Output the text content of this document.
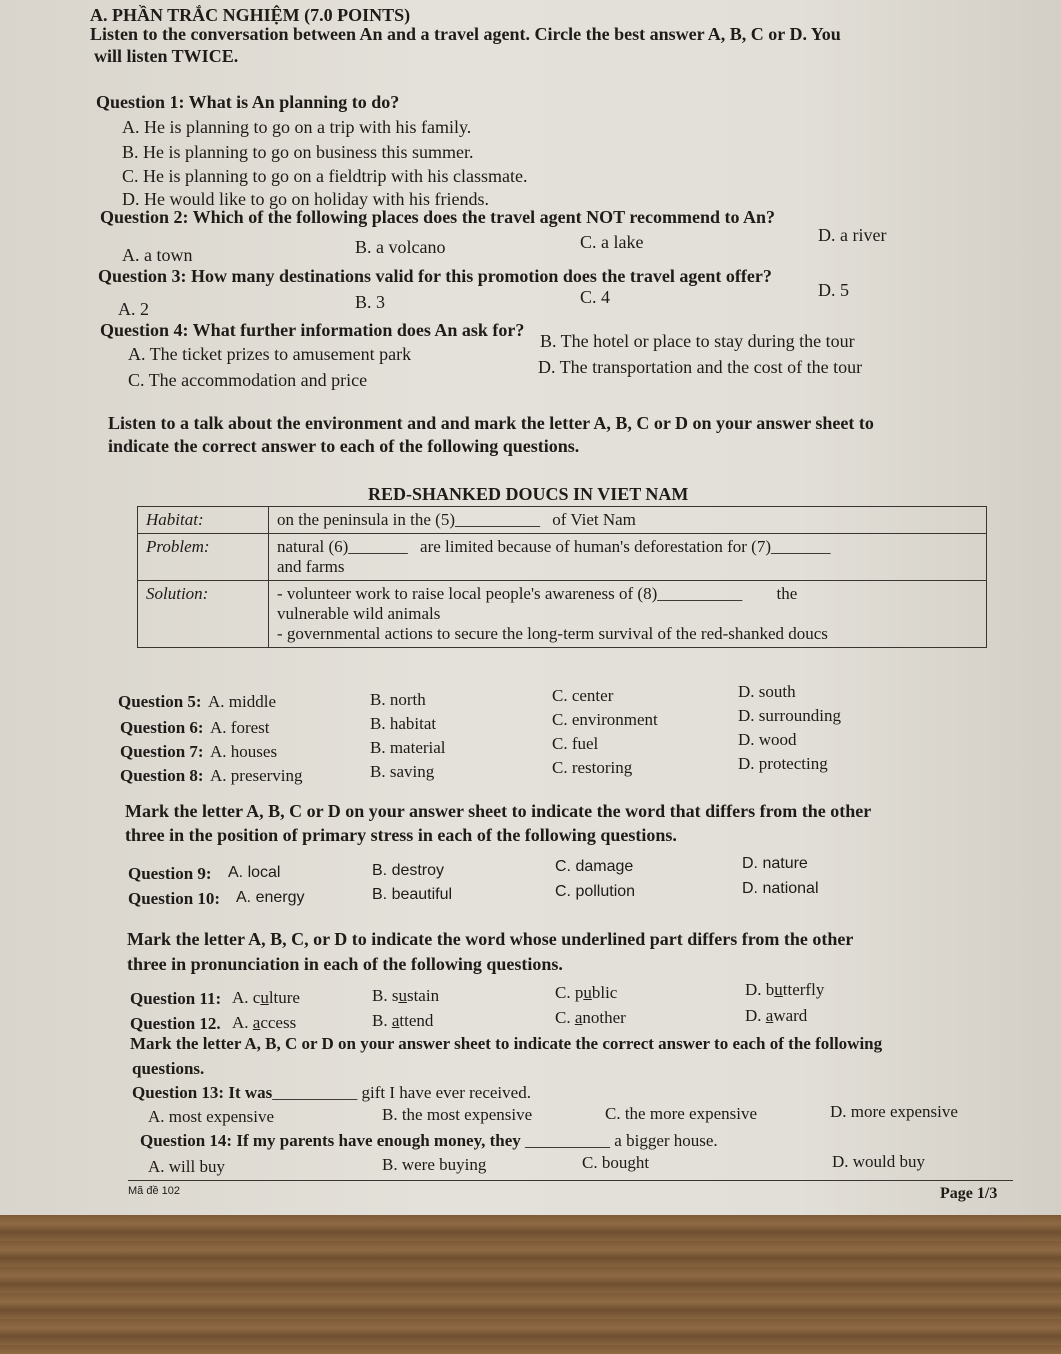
A. PHẦN TRẮC NGHIỆM (7.0 POINTS)
Listen to the conversation between An and a travel agent. Circle the best answer A, B, C or D. You
will listen TWICE.
Question 1: What is An planning to do?
A. He is planning to go on a trip with his family.
B. He is planning to go on business this summer.
C. He is planning to go on a fieldtrip with his classmate.
D. He would like to go on holiday with his friends.
Question 2: Which of the following places does the travel agent NOT recommend to An?
A. a town	B. a volcano	C. a lake	D. a river
Question 3: How many destinations valid for this promotion does the travel agent offer?
A. 2	B. 3	C. 4	D. 5
Question 4: What further information does An ask for?
A. The ticket prizes to amusement park
B. The hotel or place to stay during the tour
C. The accommodation and price
D. The transportation and the cost of the tour
Listen to a talk about the environment and and mark the letter A, B, C or D on your answer sheet to
indicate the correct answer to each of the following questions.
RED-SHANKED DOUCS IN VIET NAM
Habitat:	on the peninsula in the (5)__________ of Viet Nam
Problem:	natural (6)_______ are limited because of human's deforestation for (7)_______
and farms

Solution:	- volunteer work to raise local people's awareness of (8)__________ the
vulnerable wild animals
- governmental actions to secure the long-term survival of the red-shanked doucs
Question 5: A. middle	B. north	C. center	D. south
Question 6: A. forest	B. habitat	C. environment	D. surrounding
Question 7: A. houses	B. material	C. fuel	D. wood
Question 8: A. preserving	B. saving	C. restoring	D. protecting
Mark the letter A, B, C or D on your answer sheet to indicate the word that differs from the other
three in the position of primary stress in each of the following questions.
Question 9: A. local	B. destroy	C. damage	D. nature
Question 10: A. energy	B. beautiful	C. pollution	D. national
Mark the letter A, B, C, or D to indicate the word whose underlined part differs from the other
three in pronunciation in each of the following questions.
Question 11: A. culture	B. sustain	C. public	D. butterfly
Question 12. A. access	B. attend	C. another	D. award
Mark the letter A, B, C or D on your answer sheet to indicate the correct answer to each of the following
questions.
Question 13: It was__________ gift I have ever received.
A. most expensive	B. the most expensive	C. the more expensive	D. more expensive
Question 14: If my parents have enough money, they __________ a bigger house.
A. will buy	B. were buying	C. bought	D. would buy
Mã đề 102	Page 1/3
